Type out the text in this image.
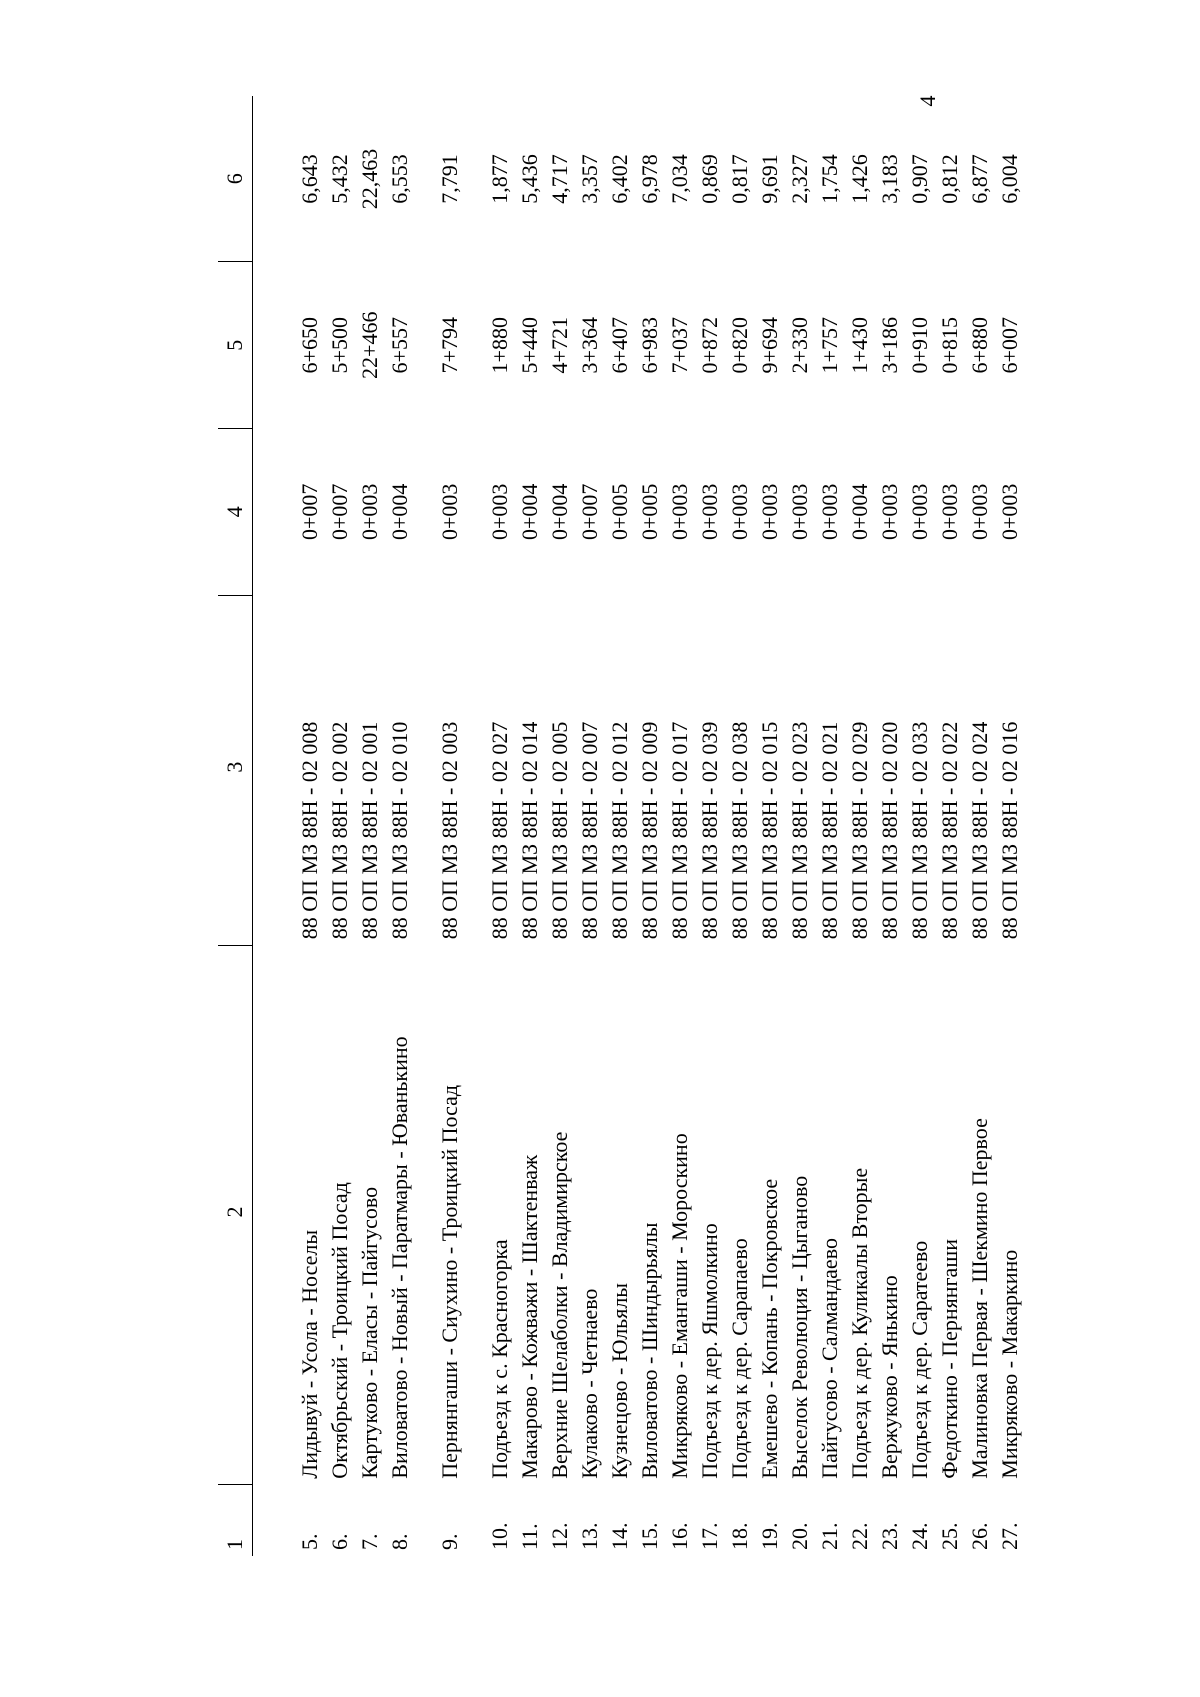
4
1	2	3	4	5	6

5.	Лидывуй - Усола - Носелы	88 ОП МЗ 88Н - 02 008	0+007	6+650	6,643
6.	Октябрьский - Троицкий Посад	88 ОП МЗ 88Н - 02 002	0+007	5+500	5,432
7.	Картуково - Еласы - Пайгусово	88 ОП МЗ 88Н - 02 001	0+003	22+466	22,463
8.	Виловатово - Новый - Паратмары - Юванькино	88 ОП МЗ 88Н - 02 010	0+004	6+557	6,553

9.	Пернянгаши - Сиухино - Троицкий Посад	88 ОП МЗ 88Н - 02 003	0+003	7+794	7,791

10.	Подъезд к с. Красногорка	88 ОП МЗ 88Н - 02 027	0+003	1+880	1,877
11.	Макарово - Кожважи - Шактенваж	88 ОП МЗ 88Н - 02 014	0+004	5+440	5,436
12.	Верхние Шелаболки - Владимирское	88 ОП МЗ 88Н - 02 005	0+004	4+721	4,717
13.	Кулаково - Четнаево	88 ОП МЗ 88Н - 02 007	0+007	3+364	3,357
14.	Кузнецово - Юльялы	88 ОП МЗ 88Н - 02 012	0+005	6+407	6,402
15.	Виловатово - Шиндырьялы	88 ОП МЗ 88Н - 02 009	0+005	6+983	6,978
16.	Микряково - Емангаши - Мороскино	88 ОП МЗ 88Н - 02 017	0+003	7+037	7,034
17.	Подъезд к дер. Яшмолкино	88 ОП МЗ 88Н - 02 039	0+003	0+872	0,869
18.	Подъезд к дер. Сарапаево	88 ОП МЗ 88Н - 02 038	0+003	0+820	0,817
19.	Емешево - Копань - Покровское	88 ОП МЗ 88Н - 02 015	0+003	9+694	9,691
20.	Выселок Революция - Цыганово	88 ОП МЗ 88Н - 02 023	0+003	2+330	2,327
21.	Пайгусово - Салмандаево	88 ОП МЗ 88Н - 02 021	0+003	1+757	1,754
22.	Подъезд к дер. Куликалы Вторые	88 ОП МЗ 88Н - 02 029	0+004	1+430	1,426
23.	Вержуково - Янькино	88 ОП МЗ 88Н - 02 020	0+003	3+186	3,183
24.	Подъезд к дер. Саратеево	88 ОП МЗ 88Н - 02 033	0+003	0+910	0,907
25.	Федоткино - Пернянгаши	88 ОП МЗ 88Н - 02 022	0+003	0+815	0,812
26.	Малиновка Первая - Шекмино Первое	88 ОП МЗ 88Н - 02 024	0+003	6+880	6,877
27.	Микряково - Макаркино	88 ОП МЗ 88Н - 02 016	0+003	6+007	6,004
